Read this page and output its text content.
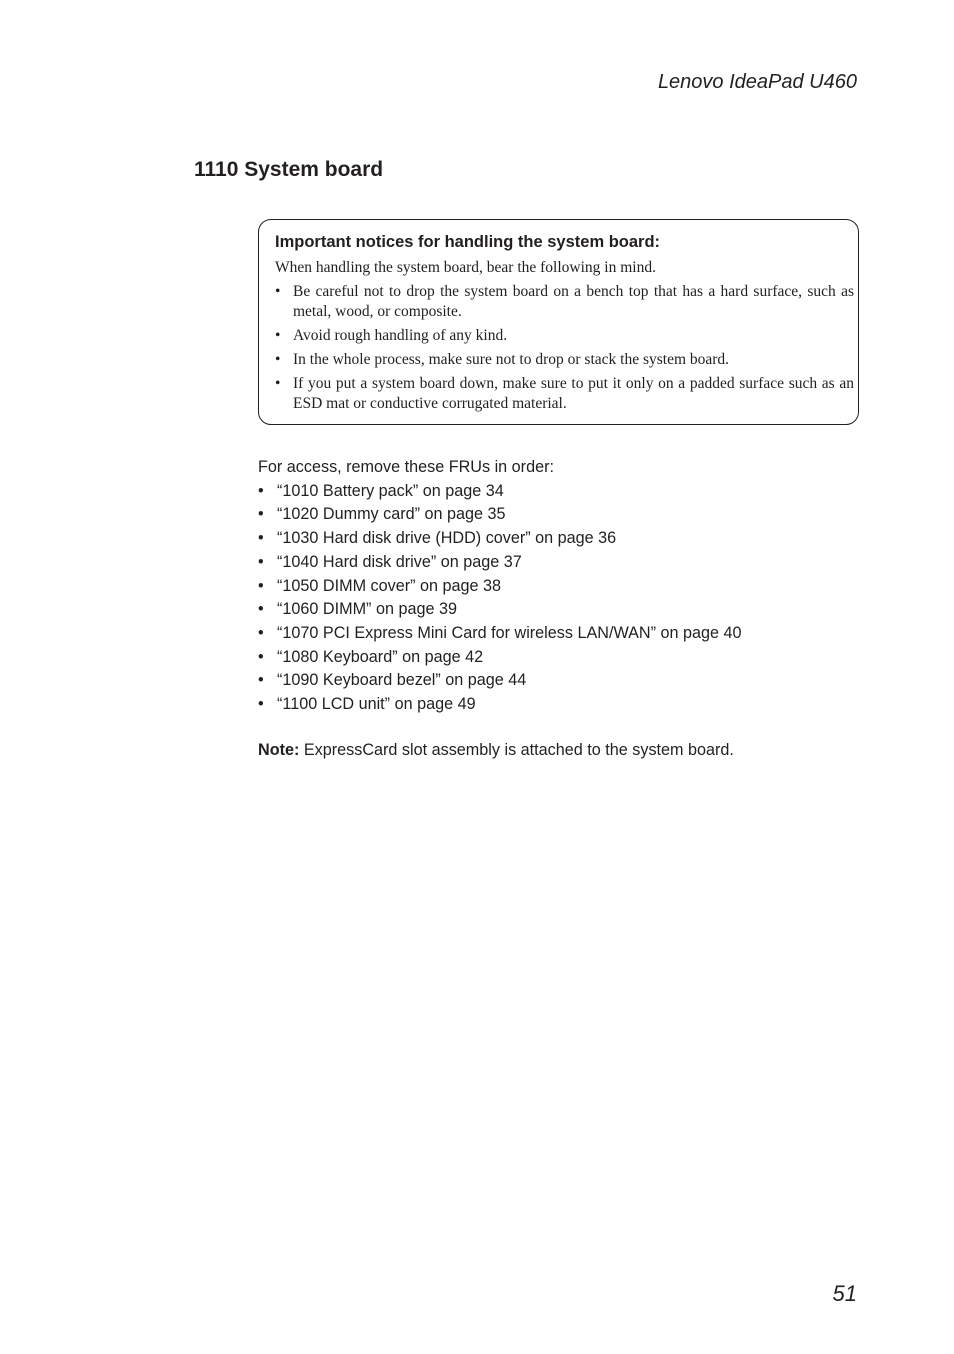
Lenovo IdeaPad U460
1110 System board
Important notices for handling the system board:

When handling the system board, bear the following in mind.

• Be careful not to drop the system board on a bench top that has a hard surface, such as metal, wood, or composite.
• Avoid rough handling of any kind.
• In the whole process, make sure not to drop or stack the system board.
• If you put a system board down, make sure to put it only on a padded surface such as an ESD mat or conductive corrugated material.

For access, remove these FRUs in order:

• “1010 Battery pack” on page 34
• “1020 Dummy card” on page 35
• “1030 Hard disk drive (HDD) cover” on page 36
• “1040 Hard disk drive” on page 37
• “1050 DIMM cover” on page 38
• “1060 DIMM” on page 39
• “1070 PCI Express Mini Card for wireless LAN/WAN” on page 40
• “1080 Keyboard” on page 42
• “1090 Keyboard bezel” on page 44
• “1100 LCD unit” on page 49
Note: ExpressCard slot assembly is attached to the system board.
51
